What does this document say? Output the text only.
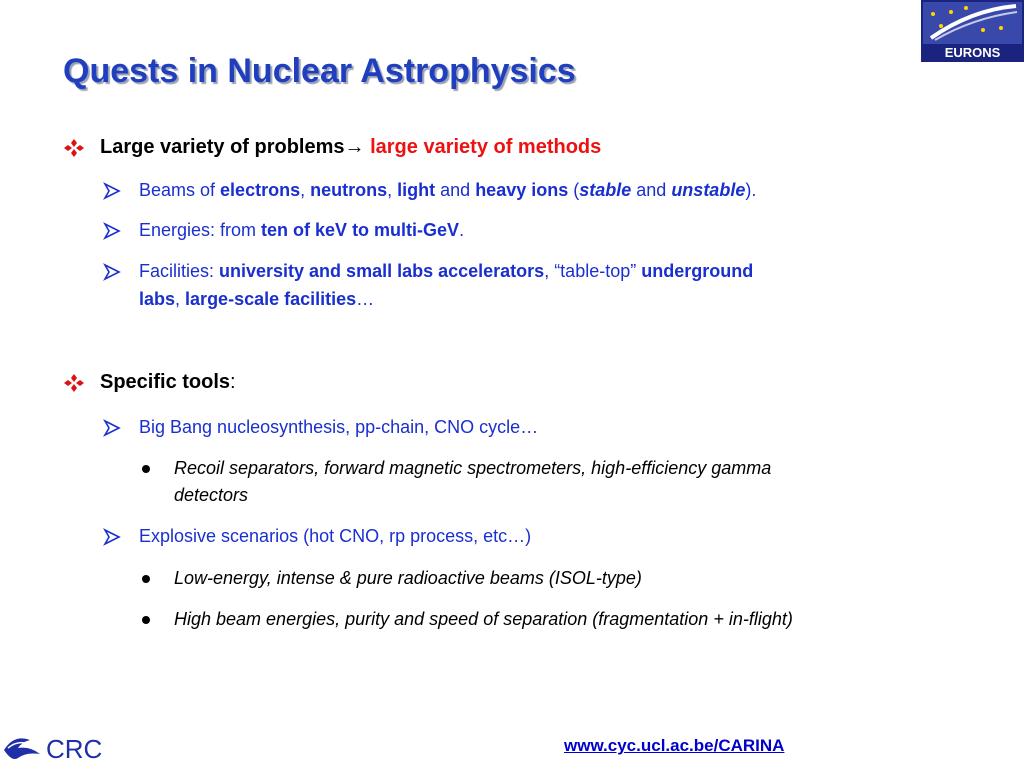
Quests in Nuclear Astrophysics	EURONS
Large variety of problems→ large variety of methods
Beams of electrons, neutrons, light and heavy ions (stable and unstable).
Energies: from ten of keV to multi-GeV.
Facilities: university and small labs accelerators, “table-top” underground
labs, large-scale facilities…
Specific tools:
Big Bang nucleosynthesis, pp-chain, CNO cycle…
Recoil separators, forward magnetic spectrometers, high-efficiency gamma
detectors
Explosive scenarios (hot CNO, rp process, etc…)
Low-energy, intense & pure radioactive beams (ISOL-type)
High beam energies, purity and speed of separation (fragmentation + in-flight)
CRC	www.cyc.ucl.ac.be/CARINA
